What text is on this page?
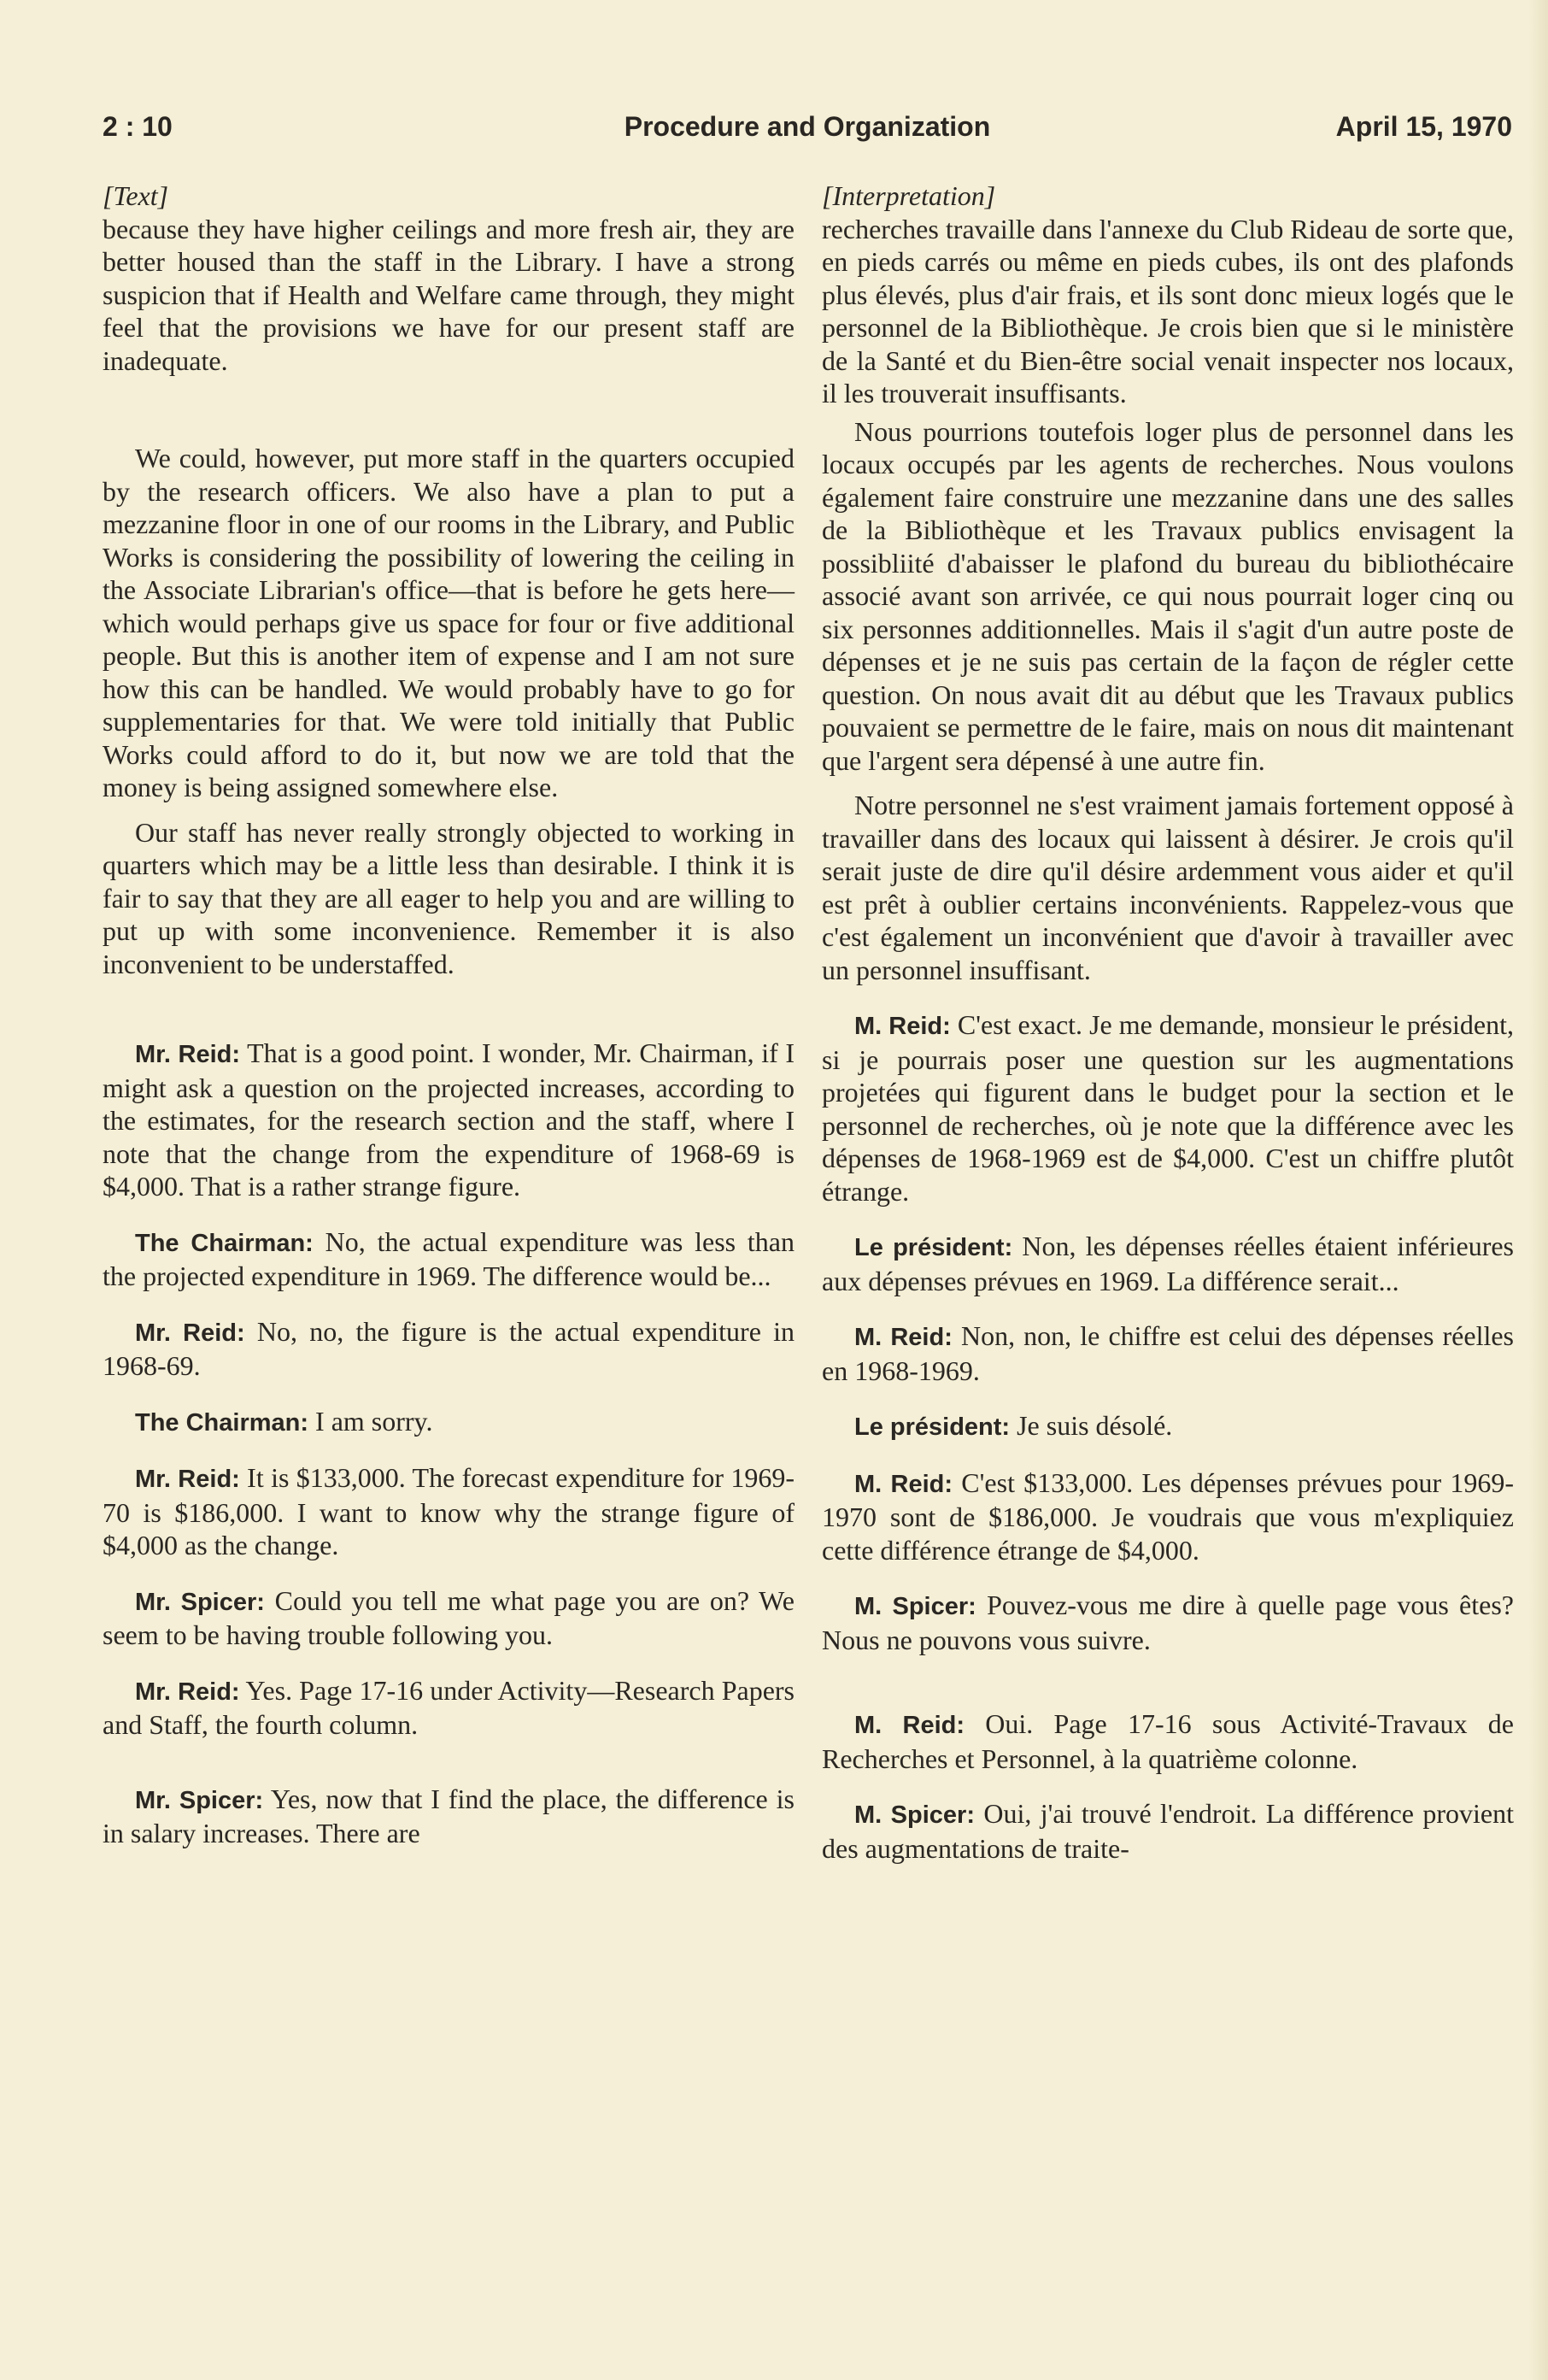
2 : 10	Procedure and Organization	April 15, 1970

[Text]

because they have higher ceilings and more fresh air, they are better housed than the staff in the Library. I have a strong suspicion that if Health and Welfare came through, they might feel that the provisions we have for our present staff are inadequate.

We could, however, put more staff in the quarters occupied by the research officers. We also have a plan to put a mezzanine floor in one of our rooms in the Library, and Public Works is considering the possibility of lowering the ceiling in the Associate Librarian's office—that is before he gets here—which would perhaps give us space for four or five additional people. But this is another item of expense and I am not sure how this can be handled. We would probably have to go for supplementaries for that. We were told initially that Public Works could afford to do it, but now we are told that the money is being assigned somewhere else.

Our staff has never really strongly objected to working in quarters which may be a little less than desirable. I think it is fair to say that they are all eager to help you and are willing to put up with some inconvenience. Remember it is also inconvenient to be understaffed.

Mr. Reid: That is a good point. I wonder, Mr. Chairman, if I might ask a question on the projected increases, according to the estimates, for the research section and the staff, where I note that the change from the expenditure of 1968-69 is $4,000. That is a rather strange figure.

The Chairman: No, the actual expenditure was less than the projected expenditure in 1969. The difference would be...

Mr. Reid: No, no, the figure is the actual expenditure in 1968-69.

The Chairman: I am sorry.

Mr. Reid: It is $133,000. The forecast expenditure for 1969-70 is $186,000. I want to know why the strange figure of $4,000 as the change.

Mr. Spicer: Could you tell me what page you are on? We seem to be having trouble following you.

Mr. Reid: Yes. Page 17-16 under Activity—Research Papers and Staff, the fourth column.

Mr. Spicer: Yes, now that I find the place, the difference is in salary increases. There are

[Interpretation]

recherches travaille dans l'annexe du Club Rideau de sorte que, en pieds carrés ou même en pieds cubes, ils ont des plafonds plus élevés, plus d'air frais, et ils sont donc mieux logés que le personnel de la Bibliothèque. Je crois bien que si le ministère de la Santé et du Bien-être social venait inspecter nos locaux, il les trouverait insuffisants.

Nous pourrions toutefois loger plus de personnel dans les locaux occupés par les agents de recherches. Nous voulons également faire construire une mezzanine dans une des salles de la Bibliothèque et les Travaux publics envisagent la possibliité d'abaisser le plafond du bureau du bibliothécaire associé avant son arrivée, ce qui nous pourrait loger cinq ou six personnes additionnelles. Mais il s'agit d'un autre poste de dépenses et je ne suis pas certain de la façon de régler cette question. On nous avait dit au début que les Travaux publics pouvaient se permettre de le faire, mais on nous dit maintenant que l'argent sera dépensé à une autre fin.

Notre personnel ne s'est vraiment jamais fortement opposé à travailler dans des locaux qui laissent à désirer. Je crois qu'il serait juste de dire qu'il désire ardemment vous aider et qu'il est prêt à oublier certains inconvénients. Rappelez-vous que c'est également un inconvénient que d'avoir à travailler avec un personnel insuffisant.

M. Reid: C'est exact. Je me demande, monsieur le président, si je pourrais poser une question sur les augmentations projetées qui figurent dans le budget pour la section et le personnel de recherches, où je note que la différence avec les dépenses de 1968-1969 est de $4,000. C'est un chiffre plutôt étrange.

Le président: Non, les dépenses réelles étaient inférieures aux dépenses prévues en 1969. La différence serait...

M. Reid: Non, non, le chiffre est celui des dépenses réelles en 1968-1969.

Le président: Je suis désolé.

M. Reid: C'est $133,000. Les dépenses prévues pour 1969-1970 sont de $186,000. Je voudrais que vous m'expliquiez cette différence étrange de $4,000.

M. Spicer: Pouvez-vous me dire à quelle page vous êtes? Nous ne pouvons vous suivre.

M. Reid: Oui. Page 17-16 sous Activité-Travaux de Recherches et Personnel, à la quatrième colonne.

M. Spicer: Oui, j'ai trouvé l'endroit. La différence provient des augmentations de traite-
